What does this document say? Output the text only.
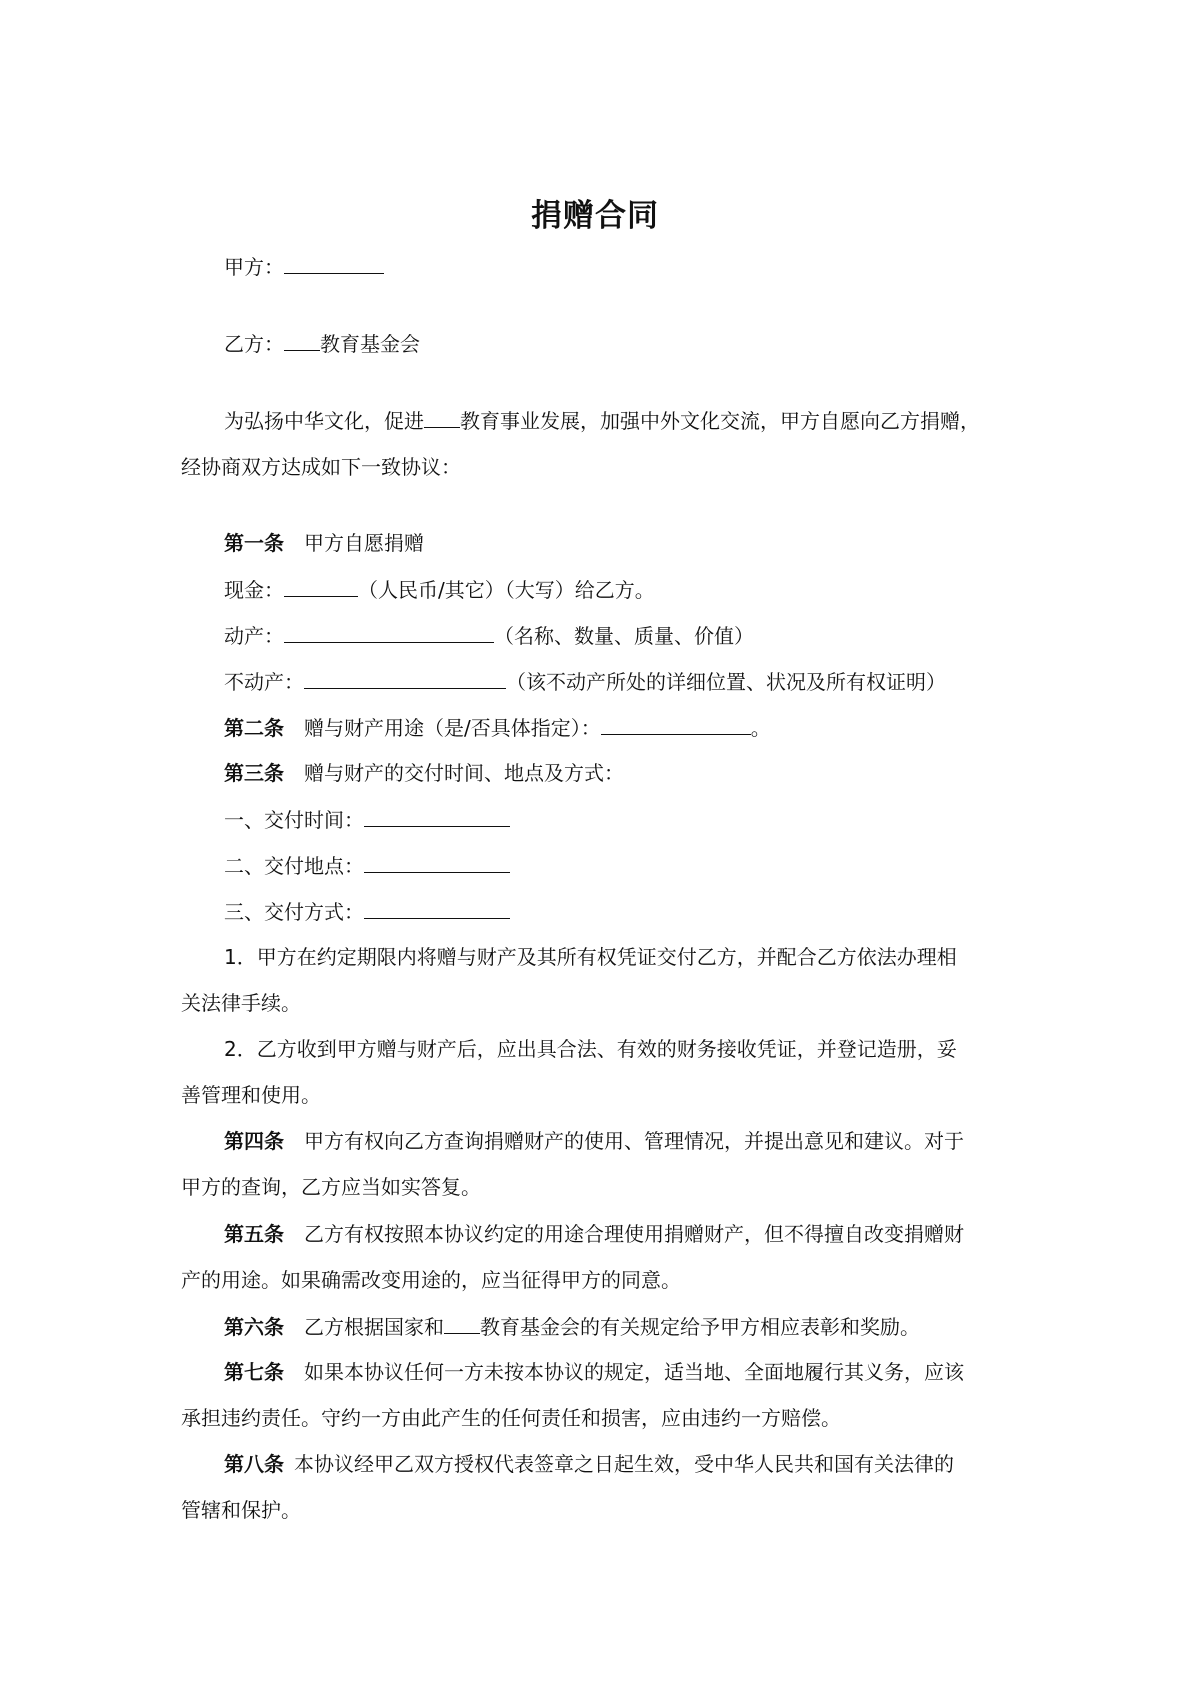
捐赠合同

甲方：

乙方： 教育基金会

为弘扬中华文化，促进 教育事业发展，加强中外文化交流，甲方自愿向乙方捐赠，

经协商双方达成如下一致协议：

第一条 甲方自愿捐赠

现金：	（人民币/其它）（大写）给乙方。

动产：	（名称、数量、质量、价值）

不动产：	（该不动产所处的详细位置、状况及所有权证明）

第二条 赠与财产用途（是/否具体指定）：	。

第三条 赠与财产的交付时间、地点及方式：

一、交付时间：

二、交付地点：

三、交付方式：

1．甲方在约定期限内将赠与财产及其所有权凭证交付乙方，并配合乙方依法办理相

关法律手续。

2．乙方收到甲方赠与财产后，应出具合法、有效的财务接收凭证，并登记造册，妥

善管理和使用。

第四条 甲方有权向乙方查询捐赠财产的使用、管理情况，并提出意见和建议。对于

甲方的查询，乙方应当如实答复。

第五条 乙方有权按照本协议约定的用途合理使用捐赠财产，但不得擅自改变捐赠财

产的用途。如果确需改变用途的，应当征得甲方的同意。

第六条 乙方根据国家和 教育基金会的有关规定给予甲方相应表彰和奖励。

第七条 如果本协议任何一方未按本协议的规定，适当地、全面地履行其义务，应该

承担违约责任。守约一方由此产生的任何责任和损害，应由违约一方赔偿。

第八条 本协议经甲乙双方授权代表签章之日起生效，受中华人民共和国有关法律的

管辖和保护。
